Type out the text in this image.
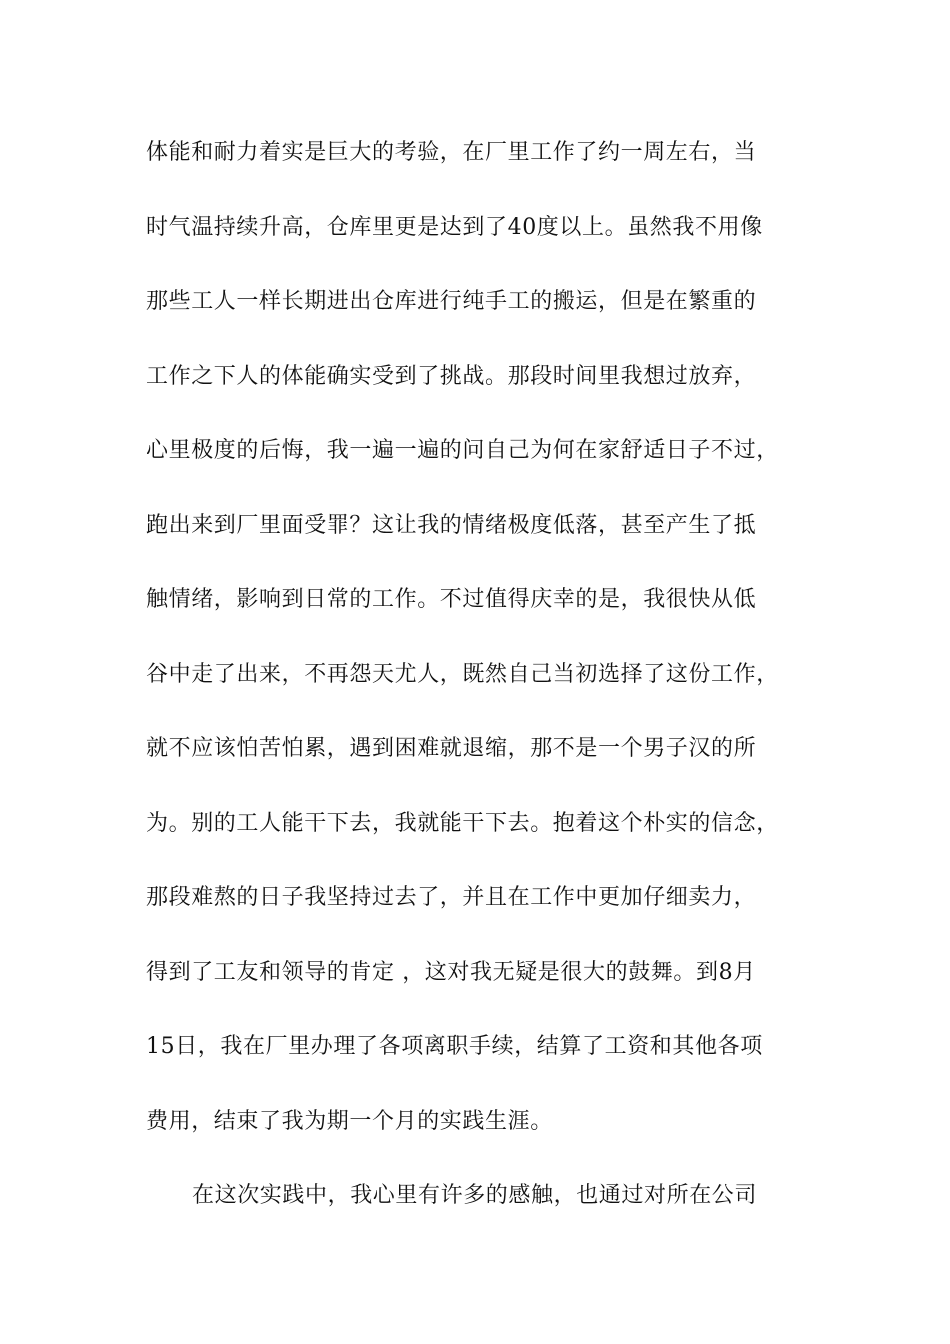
体能和耐力着实是巨大的考验，在厂里工作了约一周左右，当
时气温持续升高，仓库里更是达到了40度以上。虽然我不用像
那些工人一样长期进出仓库进行纯手工的搬运，但是在繁重的
工作之下人的体能确实受到了挑战。那段时间里我想过放弃，
心里极度的后悔，我一遍一遍的问自己为何在家舒适日子不过，
跑出来到厂里面受罪？这让我的情绪极度低落，甚至产生了抵
触情绪，影响到日常的工作。不过值得庆幸的是，我很快从低
谷中走了出来，不再怨天尤人，既然自己当初选择了这份工作，
就不应该怕苦怕累，遇到困难就退缩，那不是一个男子汉的所
为。别的工人能干下去，我就能干下去。抱着这个朴实的信念，
那段难熬的日子我坚持过去了，并且在工作中更加仔细卖力，
得到了工友和领导的肯定 ，这对我无疑是很大的鼓舞。到8月
15日，我在厂里办理了各项离职手续，结算了工资和其他各项
费用，结束了我为期一个月的实践生涯。
在这次实践中，我心里有许多的感触，也通过对所在公司
